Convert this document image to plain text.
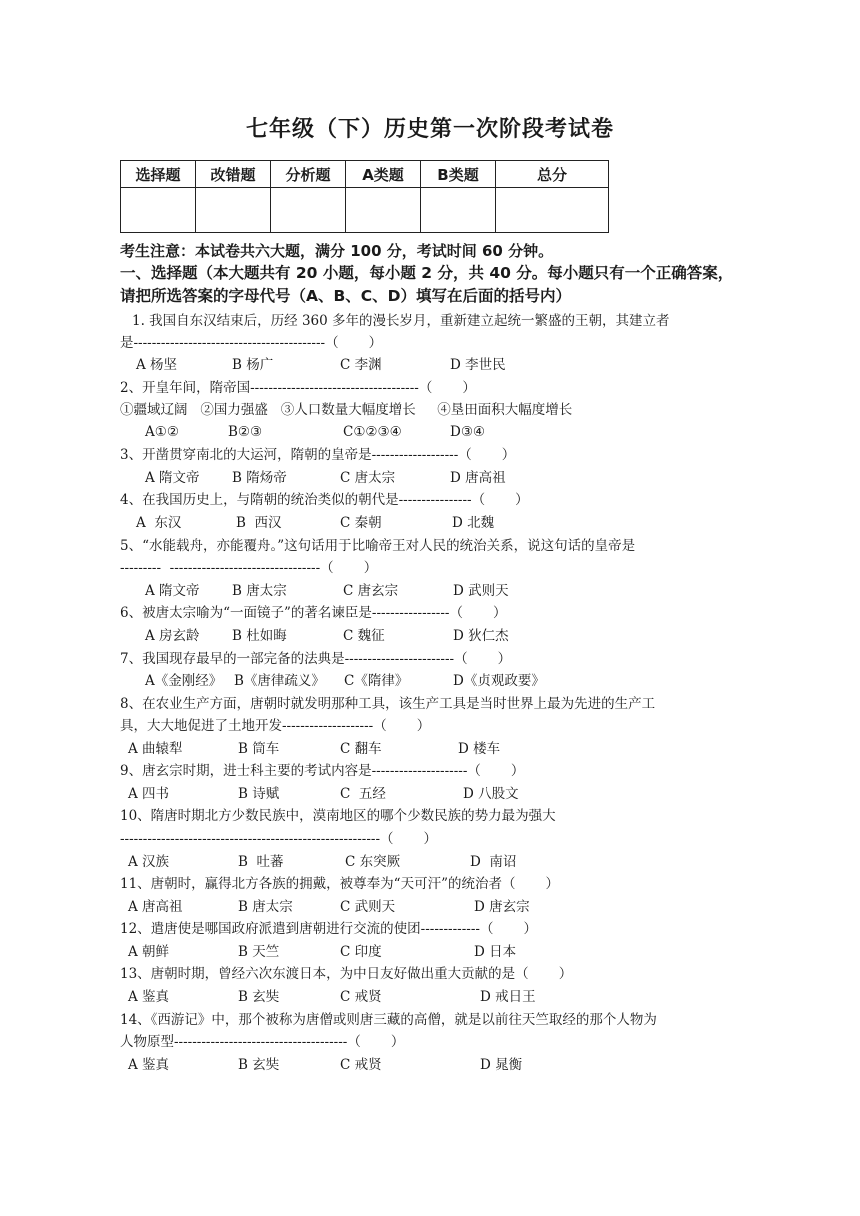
七年级（下）历史第一次阶段考试卷
选择题	改错题	分析题	A类题	B类题	总分

考生注意：本试卷共六大题，满分 100 分，考试时间 60 分钟。
一、选择题（本大题共有 20 小题，每小题 2 分，共 40 分。每小题只有一个正确答案，请把所选答案的字母代号（A、B、C、D）填写在后面的括号内）
1. 我国自东汉结束后，历经 360 多年的漫长岁月，重新建立起统一繁盛的王朝，其建立者
是------------------------------------------（       ）
A 杨坚	B 杨广	C 李渊	D 李世民
2、开皇年间，隋帝国-------------------------------------（       ）
①疆域辽阔   ②国力强盛   ③人口数量大幅度增长     ④垦田面积大幅度增长
A①②	B②③	C①②③④	D③④
3、开凿贯穿南北的大运河，隋朝的皇帝是-------------------（       ）
A 隋文帝 B 隋炀帝	C 唐太宗	D 唐高祖
4、在我国历史上，与隋朝的统治类似的朝代是----------------（       ）
A  东汉	B  西汉	C 秦朝	D 北魏
5、“水能载舟，亦能覆舟。”这句话用于比喻帝王对人民的统治关系，说这句话的皇帝是
---------  ---------------------------------（       ）
A 隋文帝 B 唐太宗	C 唐玄宗	D 武则天
6、被唐太宗喻为“一面镜子”的著名谏臣是-----------------（       ）
A 房玄龄 B 杜如晦	C 魏征	D 狄仁杰
7、我国现存最早的一部完备的法典是------------------------（       ）
A《金刚经》 B《唐律疏义》 C《隋律》	D《贞观政要》
8、在农业生产方面，唐朝时就发明那种工具，该生产工具是当时世界上最为先进的生产工
具，大大地促进了土地开发--------------------（       ）
A 曲辕犁	B 筒车	C 翻车	D 楼车
9、唐玄宗时期，进士科主要的考试内容是---------------------（       ）
A 四书	B 诗赋	C  五经	D 八股文
10、隋唐时期北方少数民族中，漠南地区的哪个少数民族的势力最为强大
---------------------------------------------------------（       ）
A 汉族	B  吐蕃	C 东突厥	D  南诏
11、唐朝时，赢得北方各族的拥戴，被尊奉为“天可汗”的统治者（       ）
A 唐高祖	B 唐太宗	C 武则天	D 唐玄宗
12、遣唐使是哪国政府派遣到唐朝进行交流的使团-------------（       ）
A 朝鲜	B 天竺	C 印度	D 日本
13、唐朝时期，曾经六次东渡日本，为中日友好做出重大贡献的是（       ）
A 鉴真	B 玄奘	C 戒贤	D 戒日王
14、《西游记》中，那个被称为唐僧或则唐三藏的高僧，就是以前往天竺取经的那个人物为
人物原型--------------------------------------（       ）
A 鉴真	B 玄奘	C 戒贤	D 晁衡
